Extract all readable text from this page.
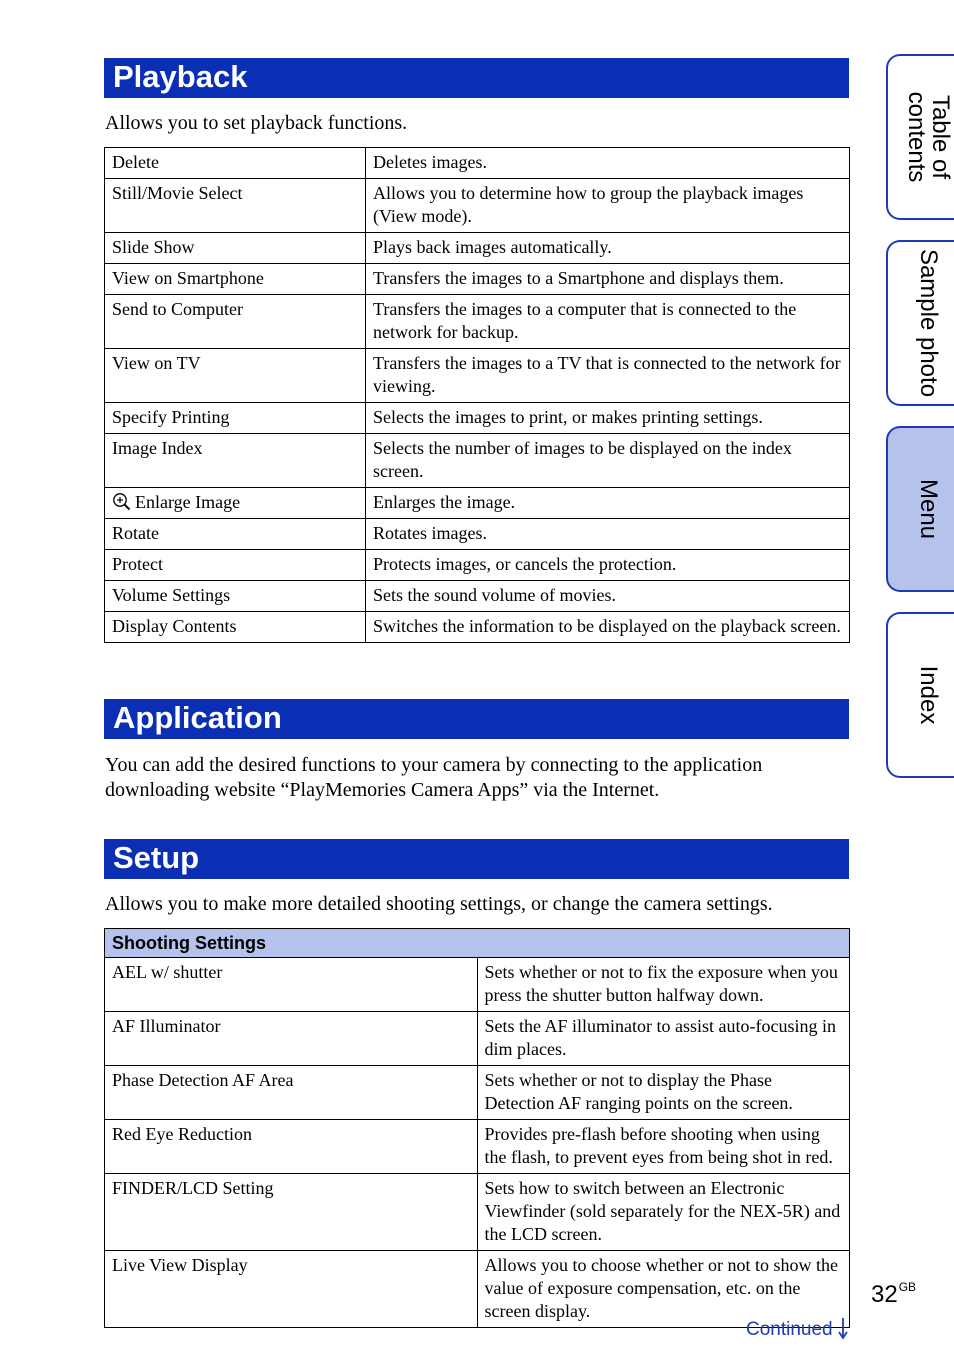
Playback
Allows you to set playback functions.
Delete	Deletes images.
Still/Movie Select	Allows you to determine how to group the playback images (View mode).
Slide Show	Plays back images automatically.
View on Smartphone	Transfers the images to a Smartphone and displays them.
Send to Computer	Transfers the images to a computer that is connected to the network for backup.
View on TV	Transfers the images to a TV that is connected to the network for viewing.
Specify Printing	Selects the images to print, or makes printing settings.
Image Index	Selects the number of images to be displayed on the index screen.
Enlarge Image	Enlarges the image.
Rotate	Rotates images.
Protect	Protects images, or cancels the protection.
Volume Settings	Sets the sound volume of movies.
Display Contents	Switches the information to be displayed on the playback screen.
Application
You can add the desired functions to your camera by connecting to the application downloading website “PlayMemories Camera Apps” via the Internet.
Setup
Allows you to make more detailed shooting settings, or change the camera settings.
Shooting Settings	
AEL w/ shutter	Sets whether or not to fix the exposure when you press the shutter button halfway down.
AF Illuminator	Sets the AF illuminator to assist auto-focusing in dim places.
Phase Detection AF Area	Sets whether or not to display the Phase Detection AF ranging points on the screen.
Red Eye Reduction	Provides pre-flash before shooting when using the flash, to prevent eyes from being shot in red.
FINDER/LCD Setting	Sets how to switch between an Electronic Viewfinder (sold separately for the NEX-5R) and the LCD screen.
Live View Display	Allows you to choose whether or not to show the value of exposure compensation, etc. on the screen display.
Table of
contents
Sample photo
Menu
Index
$32^{GB}$
Continued
